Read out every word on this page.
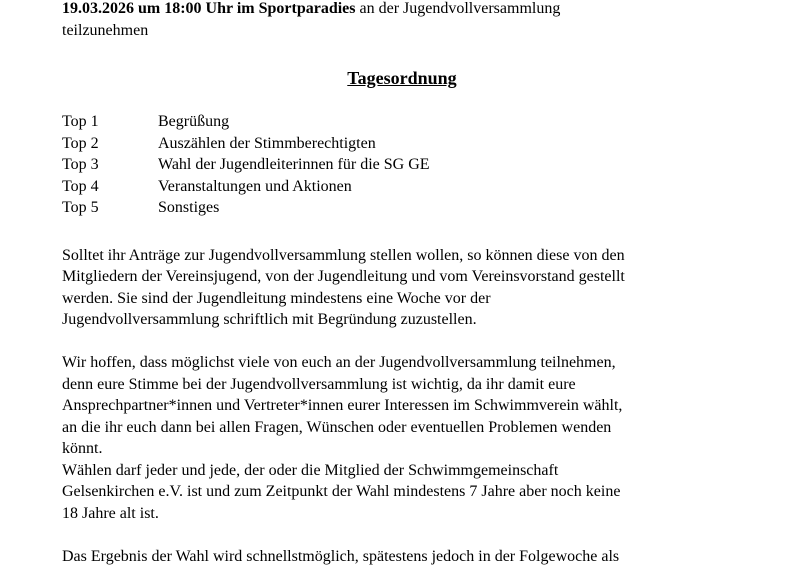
19.03.2026 um 18:00 Uhr im Sportparadies an der Jugendvollversammlung

teilzunehmen

Tagesordnung
Top 1	Begrüßung
Top 2	Auszählen der Stimmberechtigten
Top 3	Wahl der Jugendleiterinnen für die SG GE
Top 4	Veranstaltungen und Aktionen
Top 5	Sonstiges
Solltet ihr Anträge zur Jugendvollversammlung stellen wollen, so können diese von den
Mitgliedern der Vereinsjugend, von der Jugendleitung und vom Vereinsvorstand gestellt
werden. Sie sind der Jugendleitung mindestens eine Woche vor der
Jugendvollversammlung schriftlich mit Begründung zuzustellen.
Wir hoffen, dass möglichst viele von euch an der Jugendvollversammlung teilnehmen,
denn eure Stimme bei der Jugendvollversammlung ist wichtig, da ihr damit eure
Ansprechpartner*innen und Vertreter*innen eurer Interessen im Schwimmverein wählt,
an die ihr euch dann bei allen Fragen, Wünschen oder eventuellen Problemen wenden
könnt.
Wählen darf jeder und jede, der oder die Mitglied der Schwimmgemeinschaft
Gelsenkirchen e.V. ist und zum Zeitpunkt der Wahl mindestens 7 Jahre aber noch keine
18 Jahre alt ist.
Das Ergebnis der Wahl wird schnellstmöglich, spätestens jedoch in der Folgewoche als
